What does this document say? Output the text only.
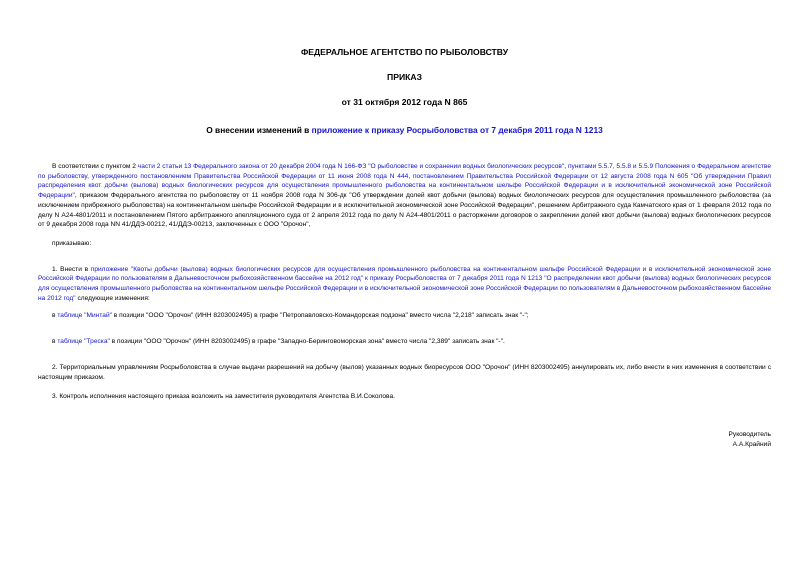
ФЕДЕРАЛЬНОЕ АГЕНТСТВО ПО РЫБОЛОВСТВУ
ПРИКАЗ
от 31 октября 2012 года N 865
О внесении изменений в приложение к приказу Росрыболовства от 7 декабря 2011 года N 1213

В соответствии с пунктом 2 части 2 статьи 13 Федерального закона от 20 декабря 2004 года N 166-ФЗ "О рыболовстве и сохранении водных биологических ресурсов", пунктами 5.5.7, 5.5.8 и 5.5.9 Положения о Федеральном агентстве по рыболовству, утвержденного постановлением Правительства Российской Федерации от 11 июня 2008 года N 444, постановлением Правительства Российской Федерации от 12 августа 2008 года N 605 "Об утверждении Правил распределения квот добычи (вылова) водных биологических ресурсов для осуществления промышленного рыболовства на континентальном шельфе Российской Федерации и в исключительной экономической зоне Российской Федерации", приказом Федерального агентства по рыболовству от 11 ноября 2008 года N 306-дк "Об утверждении долей квот добычи (вылова) водных биологических ресурсов для осуществления промышленного рыболовства (за исключением прибрежного рыболовства) на континентальном шельфе Российской Федерации и в исключительной экономической зоне Российской Федерации", решением Арбитражного суда Камчатского края от 1 февраля 2012 года по делу N А24-4801/2011 и постановлением Пятого арбитражного апелляционного суда от 2 апреля 2012 года по делу N А24-4801/2011 о расторжении договоров о закреплении долей квот добычи (вылова) водных биологических ресурсов от 9 декабря 2008 года NN 41/ДДЭ-00212, 41/ДДЭ-00213, заключенных с ООО "Орочон",

приказываю:

1. Внести в приложение "Квоты добычи (вылова) водных биологических ресурсов для осуществления промышленного рыболовства на континентальном шельфе Российской Федерации и в исключительной экономической зоне Российской Федерации по пользователям в Дальневосточном рыбохозяйственном бассейне на 2012 год" к приказу Росрыболовства от 7 декабря 2011 года N 1213 "О распределении квот добычи (вылова) водных биологических ресурсов для осуществления промышленного рыболовства на континентальном шельфе Российской Федерации и в исключительной экономической зоне Российской Федерации по пользователям в Дальневосточном рыбохозяйственном бассейне на 2012 год" следующие изменения:

в таблице "Минтай" в позиции "ООО "Орочон" (ИНН 8203002495) в графе "Петропавловско-Командорская подзона" вместо числа "2,218" записать знак "-";

в таблице "Треска" в позиции "ООО "Орочон" (ИНН 8203002495) в графе "Западно-Беринговоморская зона" вместо числа "2,389" записать знак "-".

2. Территориальным управлениям Росрыболовства в случае выдачи разрешений на добычу (вылов) указанных водных биоресурсов ООО "Орочон" (ИНН 8203002495) аннулировать их, либо внести в них изменения в соответствии с настоящим приказом.

3. Контроль исполнения настоящего приказа возложить на заместителя руководителя Агентства В.И.Соколова.

Руководитель
А.А.Крайний
